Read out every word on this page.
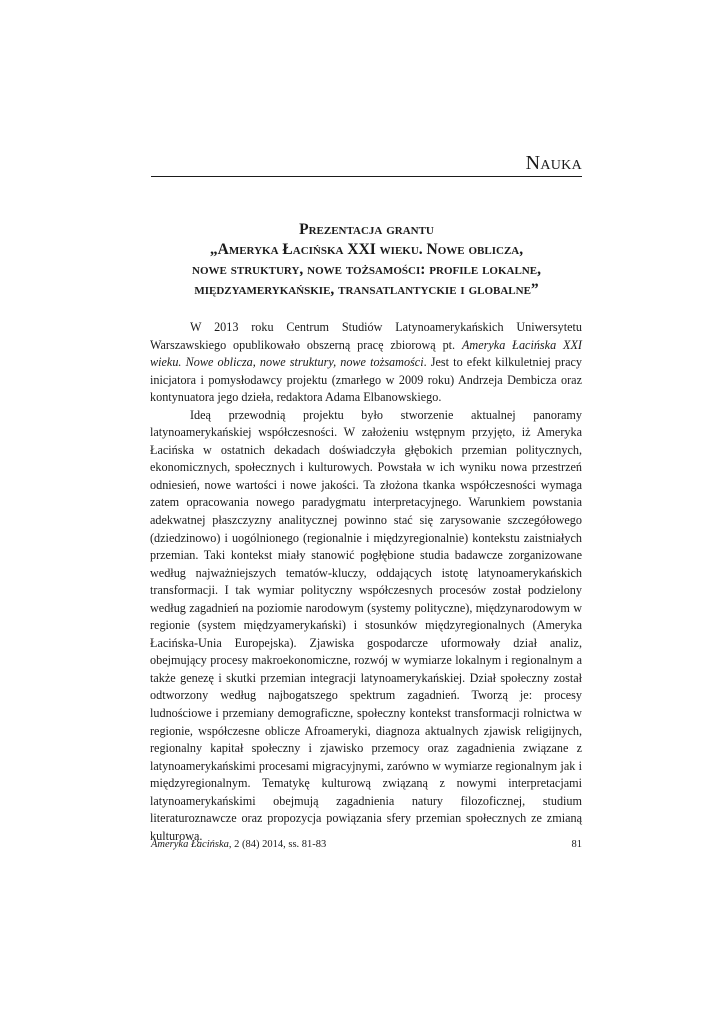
Nauka
Prezentacja grantu
„Ameryka Łacińska XXI wieku. Nowe oblicza,
nowe struktury, nowe tożsamości: profile lokalne,
międzyamerykańskie, transatlantyckie i globalne”

W 2013 roku Centrum Studiów Latynoamerykańskich Uniwersytetu Warszawskiego opublikowało obszerną pracę zbiorową pt. Ameryka Łacińska XXI wieku. Nowe oblicza, nowe struktury, nowe tożsamości. Jest to efekt kilkuletniej pracy inicjatora i pomysłodawcy projektu (zmarłego w 2009 roku) Andrzeja Dembicza oraz kontynuatora jego dzieła, redaktora Adama Elbanowskiego.

Ideą przewodnią projektu było stworzenie aktualnej panoramy latynoamerykańskiej współczesności. W założeniu wstępnym przyjęto, iż Ameryka Łacińska w ostatnich dekadach doświadczyła głębokich przemian politycznych, ekonomicznych, społecznych i kulturowych. Powstała w ich wyniku nowa przestrzeń odniesień, nowe wartości i nowe jakości. Ta złożona tkanka współczesności wymaga zatem opracowania nowego paradygmatu interpretacyjnego. Warunkiem powstania adekwatnej płaszczyzny analitycznej powinno stać się zarysowanie szczegółowego (dziedzinowo) i uogólnionego (regionalnie i międzyregionalnie) kontekstu zaistniałych przemian. Taki kontekst miały stanowić pogłębione studia badawcze zorganizowane według najważniejszych tematów-kluczy, oddających istotę latynoamerykańskich transformacji. I tak wymiar polityczny współczesnych procesów został podzielony według zagadnień na poziomie narodowym (systemy polityczne), międzynarodowym w regionie (system międzyamerykański) i stosunków międzyregionalnych (Ameryka Łacińska-Unia Europejska). Zjawiska gospodarcze uformowały dział analiz, obejmujący procesy makroekonomiczne, rozwój w wymiarze lokalnym i regionalnym a także genezę i skutki przemian integracji latynoamerykańskiej. Dział społeczny został odtworzony według najbogatszego spektrum zagadnień. Tworzą je: procesy ludnościowe i przemiany demograficzne, społeczny kontekst transformacji rolnictwa w regionie, współczesne oblicze Afroameryki, diagnoza aktualnych zjawisk religijnych, regionalny kapitał społeczny i zjawisko przemocy oraz zagadnienia związane z latynoamerykańskimi procesami migracyjnymi, zarówno w wymiarze regionalnym jak i międzyregionalnym. Tematykę kulturową związaną z nowymi interpretacjami latynoamerykańskimi obejmują zagadnienia natury filozoficznej, studium literaturoznawcze oraz propozycja powiązania sfery przemian społecznych ze zmianą kulturową.

Ameryka Łacińska, 2 (84) 2014, ss. 81-83	81
